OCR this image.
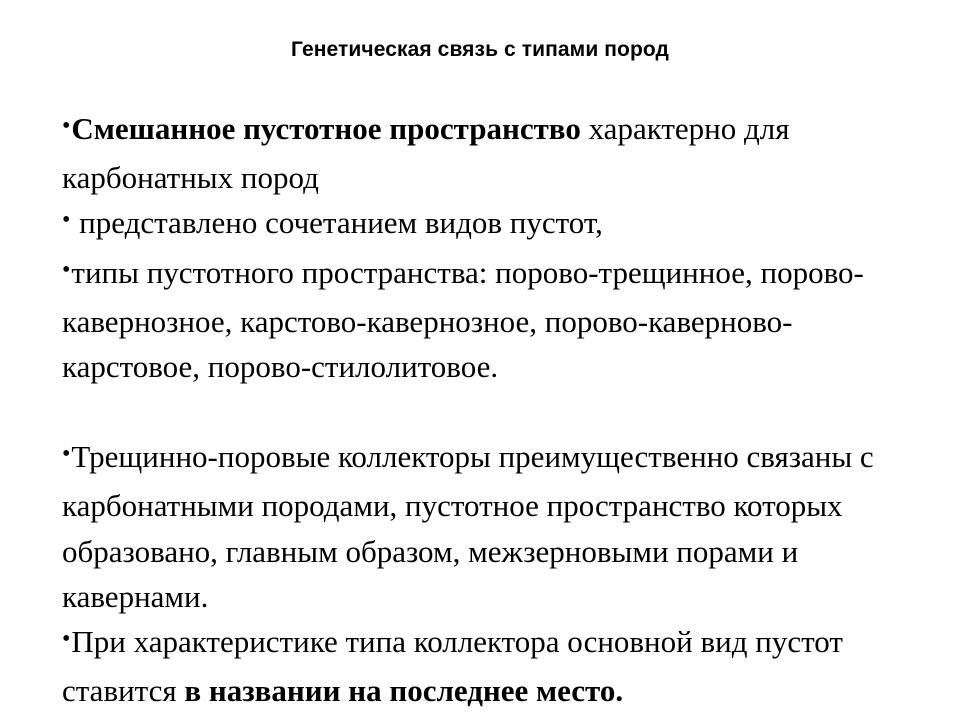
Генетическая связь с типами пород

•Смешанное пустотное пространство характерно для карбонатных пород

• представлено сочетанием видов пустот,

•типы пустотного пространства: порово-трещинное, порово-кавернозное, карстово-кавернозное, порово-каверново-карстовое, порово-стилолитовое.

•Трещинно-поровые коллекторы преимущественно связаны с карбонатными породами, пустотное пространство которых образовано, главным образом, межзерновыми порами и кавернами.

•При характеристике типа коллектора основной вид пустот ставится в названии на последнее место.
